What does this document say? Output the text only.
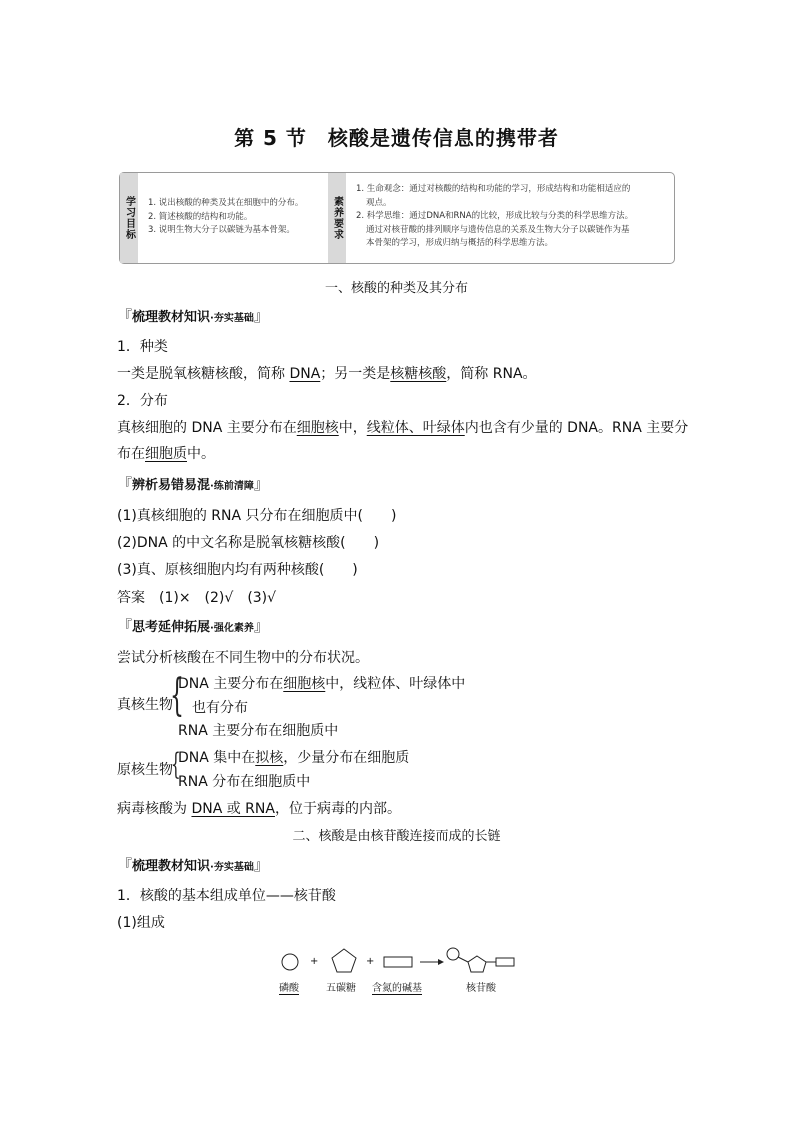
第 5 节　核酸是遗传信息的携带者
学习目标	1. 说出核酸的种类及其在细胞中的分布。
2. 简述核酸的结构和功能。
3. 说明生物大分子以碳链为基本骨架。	素养要求
1. 生命观念：通过对核酸的结构和功能的学习，形成结构和功能相适应的
观点。
2. 科学思维：通过DNA和RNA的比较，形成比较与分类的科学思维方法。
通过对核苷酸的排列顺序与遗传信息的关系及生物大分子以碳链作为基
本骨架的学习，形成归纳与概括的科学思维方法。
一、核酸的种类及其分布
『梳理教材知识·夯实基础』
1．种类
一类是脱氧核糖核酸，简称 DNA；另一类是核糖核酸，简称 RNA。
2．分布
真核细胞的 DNA 主要分布在细胞核中，线粒体、叶绿体内也含有少量的 DNA。RNA 主要分
布在细胞质中。
『辨析易错易混·练前清障』
(1)真核细胞的 RNA 只分布在细胞质中(　　)
(2)DNA 的中文名称是脱氧核糖核酸(　　)
(3)真、原核细胞内均有两种核酸(　　)
答案　(1)×　(2)√　(3)√
『思考延伸拓展·强化素养』
尝试分析核酸在不同生物中的分布状况。
真核生物
{
DNA 主要分布在细胞核中，线粒体、叶绿体中
也有分布
RNA 主要分布在细胞质中
原核生物
{
DNA 集中在拟核，少量分布在细胞质
RNA 分布在细胞质中
病毒核酸为 DNA 或 RNA，位于病毒的内部。
二、核酸是由核苷酸连接而成的长链
『梳理教材知识·夯实基础』
1．核酸的基本组成单位——核苷酸
(1)组成
+	+
磷酸	五碳糖 含氮的碱基	核苷酸
